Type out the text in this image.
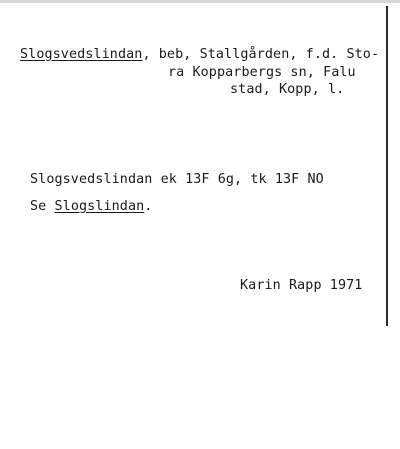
Slogsvedslindan, beb, Stallgården, f.d. Sto-
ra Kopparbergs sn, Falu
stad, Kopp, l.
Slogsvedslindan ek 13F 6g, tk 13F NO
Se Slogslindan.
Karin Rapp 1971
